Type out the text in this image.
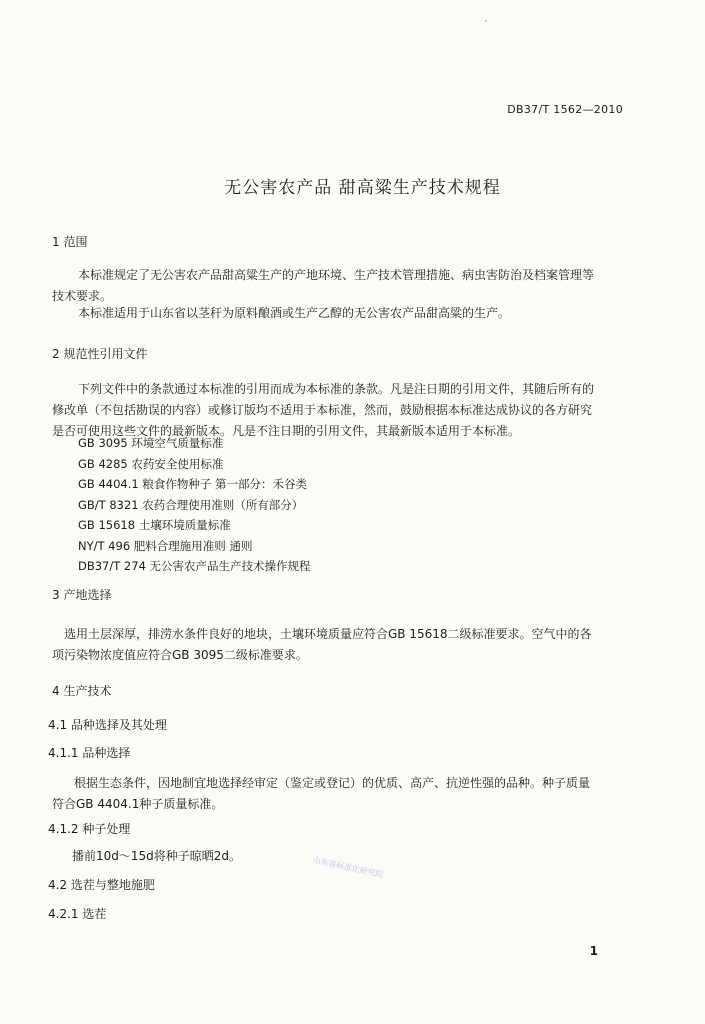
DB37/T 1562—2010
无公害农产品 甜高粱生产技术规程
1 范围
本标准规定了无公害农产品甜高粱生产的产地环境、生产技术管理措施、病虫害防治及档案管理等
技术要求。
本标准适用于山东省以茎秆为原料酿酒或生产乙醇的无公害农产品甜高粱的生产。
2 规范性引用文件
下列文件中的条款通过本标准的引用而成为本标准的条款。凡是注日期的引用文件，其随后所有的
修改单（不包括勘误的内容）或修订版均不适用于本标准，然而，鼓励根据本标准达成协议的各方研究
是否可使用这些文件的最新版本。凡是不注日期的引用文件，其最新版本适用于本标准。
GB 3095 环境空气质量标准
GB 4285 农药安全使用标准
GB 4404.1 粮食作物种子 第一部分：禾谷类
GB/T 8321 农药合理使用准则（所有部分）
GB 15618 土壤环境质量标准
NY/T 496 肥料合理施用准则 通则
DB37/T 274 无公害农产品生产技术操作规程
3 产地选择
选用土层深厚，排涝水条件良好的地块，土壤环境质量应符合GB 15618二级标准要求。空气中的各
项污染物浓度值应符合GB 3095二级标准要求。
4 生产技术
4.1 品种选择及其处理
4.1.1 品种选择
根据生态条件，因地制宜地选择经审定（鉴定或登记）的优质、高产、抗逆性强的品种。种子质量
符合GB 4404.1种子质量标准。
4.1.2 种子处理
播前10d～15d将种子晾晒2d。
4.2 选茬与整地施肥
4.2.1 选茬
山东省标准化研究院
1
